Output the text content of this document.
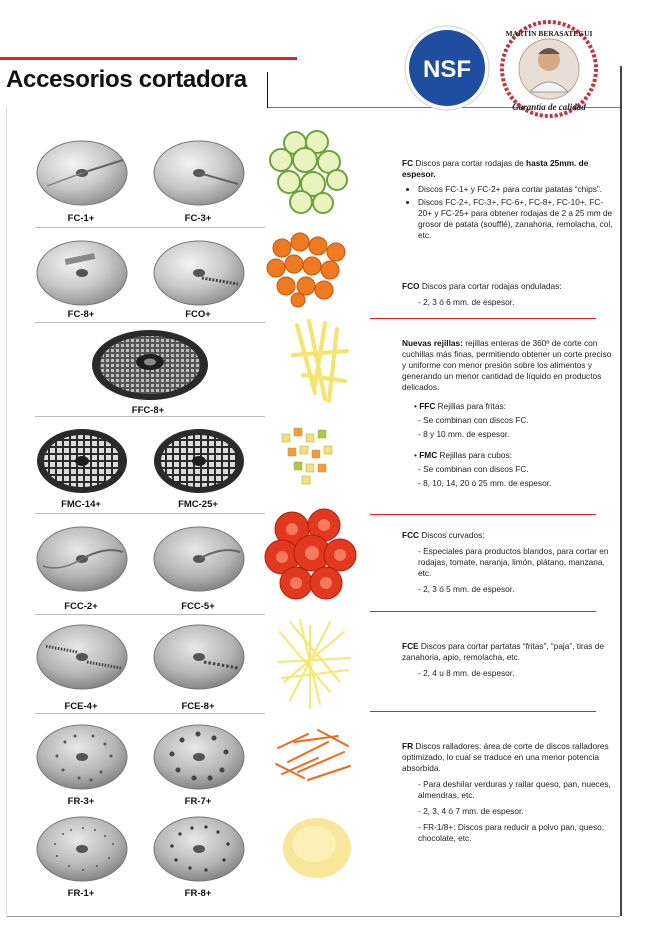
Accesorios cortadora	NSF
MARTÍN BERASATEGUI
Garantía de calidad
FC-1+	FC-3+
FC-8+	FCO+
FFC-8+
FMC-14+	FMC-25+
FCC-2+	FCC-5+
FCE-4+	FCE-8+
FR-3+	FR-7+
FR-1+	FR-8+
FC Discos para cortar rodajas de hasta 25mm. de espesor.
• Discos FC-1+ y FC-2+ para cortar patatas “chips”.
• Discos FC-2+, FC-3+, FC-6+, FC-8+, FC-10+, FC-20+ y FC-25+ para obtener rodajas de 2 a 25 mm de grosor de patata (soufflé), zanahoria, remolacha, col, etc.
FCO Discos para cortar rodajas onduladas:
- 2, 3 ó 6 mm. de espesor.
Nuevas rejillas: rejillas enteras de 360º de corte con cuchillas más finas, permitiendo obtener un corte preciso y uniforme con menor presión sobre los alimentos y generando un menor cantidad de líquido en productos delicados.
• FFC Rejillas para fritas:
- Se combinan con discos FC.
- 8 y 10 mm. de espesor.
• FMC Rejillas para cubos:
- Se combinan con discos FC.
- 8, 10, 14, 20 ó 25 mm. de espesor.
FCC Discos curvados:
- Especiales para productos blandos, para cortar en rodajas, tomate, naranja, limón, plátano, manzana, etc.
- 2, 3 ó 5 mm. de espesor.
FCE Discos para cortar partatas “fritas”, “paja”, tiras de zanahoria, apio, remolacha, etc.
- 2, 4 u 8 mm. de espesor.
FR Discos ralladores: área de corte de discos ralladores optimizado, lo cual se traduce en una menor potencia absorbida.
- Para deshilar verduras y rallar queso, pan, nueces, almendras, etc.
- 2, 3, 4 ó 7 mm. de espesor.
- FR-1/8+: Discos para reducir a polvo pan, queso, chocolate, etc.
